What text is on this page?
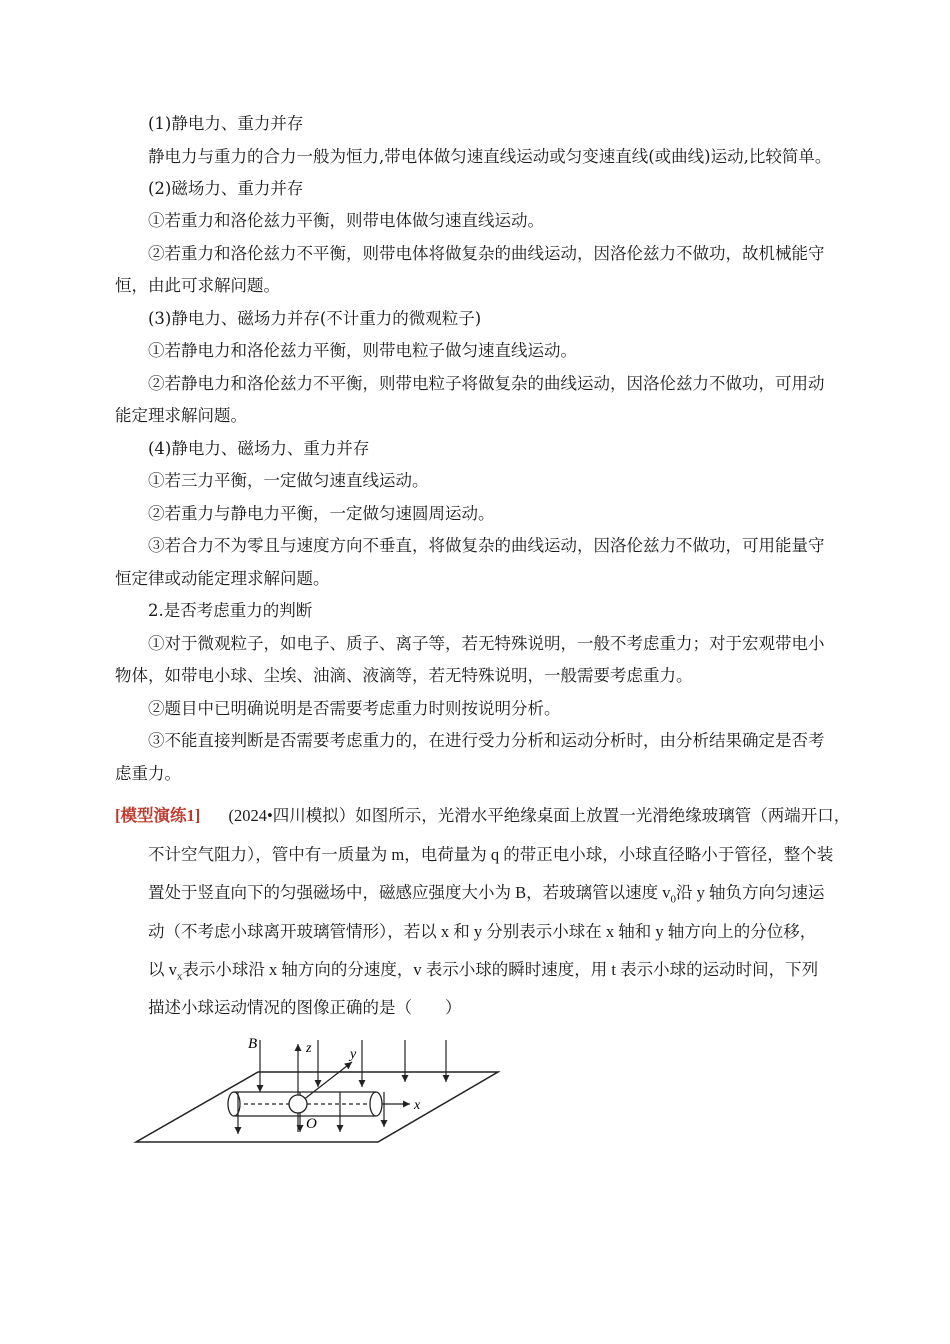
(1)静电力、重力并存
静电力与重力的合力一般为恒力,带电体做匀速直线运动或匀变速直线(或曲线)运动,比较简单。
(2)磁场力、重力并存
①若重力和洛伦兹力平衡，则带电体做匀速直线运动。
②若重力和洛伦兹力不平衡，则带电体将做复杂的曲线运动，因洛伦兹力不做功，故机械能守
恒，由此可求解问题。
(3)静电力、磁场力并存(不计重力的微观粒子)
①若静电力和洛伦兹力平衡，则带电粒子做匀速直线运动。
②若静电力和洛伦兹力不平衡，则带电粒子将做复杂的曲线运动，因洛伦兹力不做功，可用动
能定理求解问题。
(4)静电力、磁场力、重力并存
①若三力平衡，一定做匀速直线运动。
②若重力与静电力平衡，一定做匀速圆周运动。
③若合力不为零且与速度方向不垂直，将做复杂的曲线运动，因洛伦兹力不做功，可用能量守
恒定律或动能定理求解问题。
2.是否考虑重力的判断
①对于微观粒子，如电子、质子、离子等，若无特殊说明，一般不考虑重力；对于宏观带电小
物体，如带电小球、尘埃、油滴、液滴等，若无特殊说明，一般需要考虑重力。
②题目中已明确说明是否需要考虑重力时则按说明分析。
③不能直接判断是否需要考虑重力的，在进行受力分析和运动分析时，由分析结果确定是否考
虑重力。
[模型演练1] (2024•四川模拟）如图所示，光滑水平绝缘桌面上放置一光滑绝缘玻璃管（两端开口，
不计空气阻力），管中有一质量为 m，电荷量为 q 的带正电小球，小球直径略小于管径，整个装
置处于竖直向下的匀强磁场中，磁感应强度大小为 B，若玻璃管以速度 $v_0$沿 y 轴负方向匀速运
动（不考虑小球离开玻璃管情形），若以 x 和 y 分别表示小球在 x 轴和 y 轴方向上的分位移，
以 $v_x$表示小球沿 x 轴方向的分速度，v 表示小球的瞬时速度，用 t 表示小球的运动时间，下列
描述小球运动情况的图像正确的是（　　）
B	z	y
x
O
